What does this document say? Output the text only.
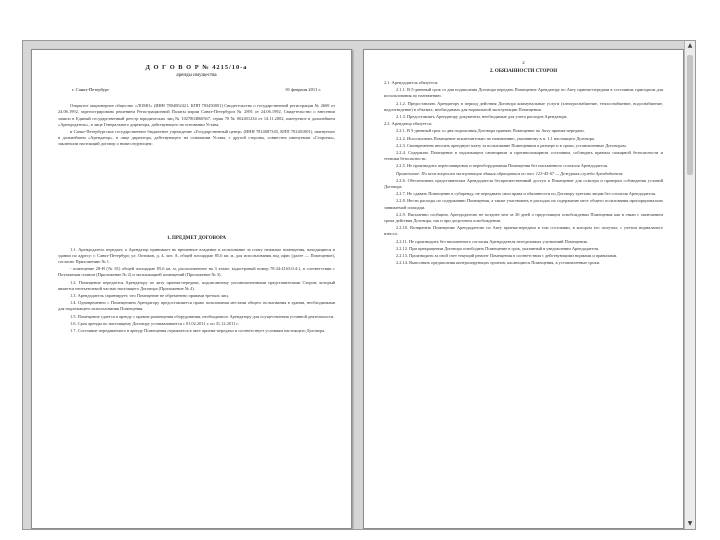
Д О Г О В О Р № 4215/10-а
аренды имущества
г. Санкт-Петербург	01 февраля 2011 г.

Открытое акционерное общество «ЛОМО» (ИНН 7804002421, КПП 783450001) Свидетельство о государственной регистрации № 2669 от 24.06.1992, зарегистрировано решением Регистрационной Палаты мэрии Санкт-Петербурга № 2891 от 24.06.1992, Свидетельство о внесении записи в Единый государственный реестр юридических лиц № 1027804860567, серия 78 № 002401234 от 14.11.2002, именуемое в дальнейшем «Арендодатель», в лице Генерального директора, действующего на основании Устава,

и Санкт-Петербургское государственное бюджетное учреждение «Государственный центр» (ИНН 7814087345, КПП 781401001), именуемое в дальнейшем «Арендатор», в лице директора, действующего на основании Устава, с другой стороны, совместно именуемые «Стороны», заключили настоящий договор о нижеследующем:

1. ПРЕДМЕТ ДОГОВОРА

1.1. Арендодатель передает, а Арендатор принимает во временное владение и пользование за плату нежилые помещения, находящиеся в здании по адресу: г. Санкт-Петербург, ул. Оптиков, д. 4, лит. А, общей площадью 85,6 кв. м, для использования под офис (далее — Помещение), согласно Приложению № 1.

- помещение 28-Н (№ 81) общей площадью 85,6 кв. м, расположенное на 3 этаже, кадастровый номер 78:34:4163:0:4:1, в соответствии с Поэтажным планом (Приложение № 2) и экспликацией помещений (Приложение № 3).

1.2. Помещение передается Арендатору по акту приема-передачи, подписанному уполномоченными представителями Сторон, который является неотъемлемой частью настоящего Договора (Приложение № 4).

1.3. Арендодатель гарантирует, что Помещение не обременено правами третьих лиц.

1.4. Одновременно с Помещением Арендатору предоставляется право пользования местами общего пользования в здании, необходимыми для надлежащего использования Помещения.

1.5. Помещение сдается в аренду с правом размещения оборудования, необходимого Арендатору для осуществления уставной деятельности.

1.6. Срок аренды по настоящему Договору устанавливается с 01.02.2011 г. по 31.12.2011 г.

1.7. Состояние передаваемого в аренду Помещения отражается в акте приема-передачи и соответствует условиям настоящего Договора.

2
2. ОБЯЗАННОСТИ СТОРОН

2.1. Арендодатель обязуется:

2.1.1. В 5-дневный срок со дня подписания Договора передать Помещение Арендатору по Акту приема-передачи в состоянии, пригодном для использования по назначению.

2.1.2. Предоставлять Арендатору в период действия Договора коммунальные услуги (электроснабжение, теплоснабжение, водоснабжение, водоотведение) в объемах, необходимых для нормальной эксплуатации Помещения.

2.1.3. Предоставлять Арендатору документы, необходимые для учета расходов Арендатора.

2.2. Арендатор обязуется:

2.2.1. В 5-дневный срок со дня подписания Договора принять Помещение по Акту приема-передачи.

2.2.2. Использовать Помещение исключительно по назначению, указанному в п. 1.1 настоящего Договора.

2.2.3. Своевременно вносить арендную плату за пользование Помещением в размере и в сроки, установленные Договором.

2.2.4. Содержать Помещение в надлежащем санитарном и противопожарном состоянии, соблюдать правила пожарной безопасности и техники безопасности.

2.2.5. Не производить перепланировок и переоборудования Помещения без письменного согласия Арендодателя.

Примечание: По всем вопросам эксплуатации здания обращаться по тел. 123-45-67 — Дежурная служба Арендодателя.

2.2.6. Обеспечивать представителям Арендодателя беспрепятственный доступ в Помещение для осмотра и проверки соблюдения условий Договора.

2.2.7. Не сдавать Помещение в субаренду, не передавать свои права и обязанности по Договору третьим лицам без согласия Арендодателя.

2.2.8. Нести расходы по содержанию Помещения, а также участвовать в расходах на содержание мест общего пользования пропорционально занимаемой площади.

2.2.9. Письменно сообщить Арендодателю не позднее чем за 30 дней о предстоящем освобождении Помещения как в связи с окончанием срока действия Договора, так и при досрочном освобождении.

2.2.10. Возвратить Помещение Арендодателю по Акту приема-передачи в том состоянии, в котором его получил, с учетом нормального износа.

2.2.11. Не производить без письменного согласия Арендодателя неотделимых улучшений Помещения.

2.2.12. При прекращении Договора освободить Помещение в срок, указанный в уведомлении Арендодателя.

2.2.13. Производить за свой счет текущий ремонт Помещения в соответствии с действующими нормами и правилами.

2.2.14. Выполнять предписания контролирующих органов, касающиеся Помещения, в установленные сроки.

▲
▼
